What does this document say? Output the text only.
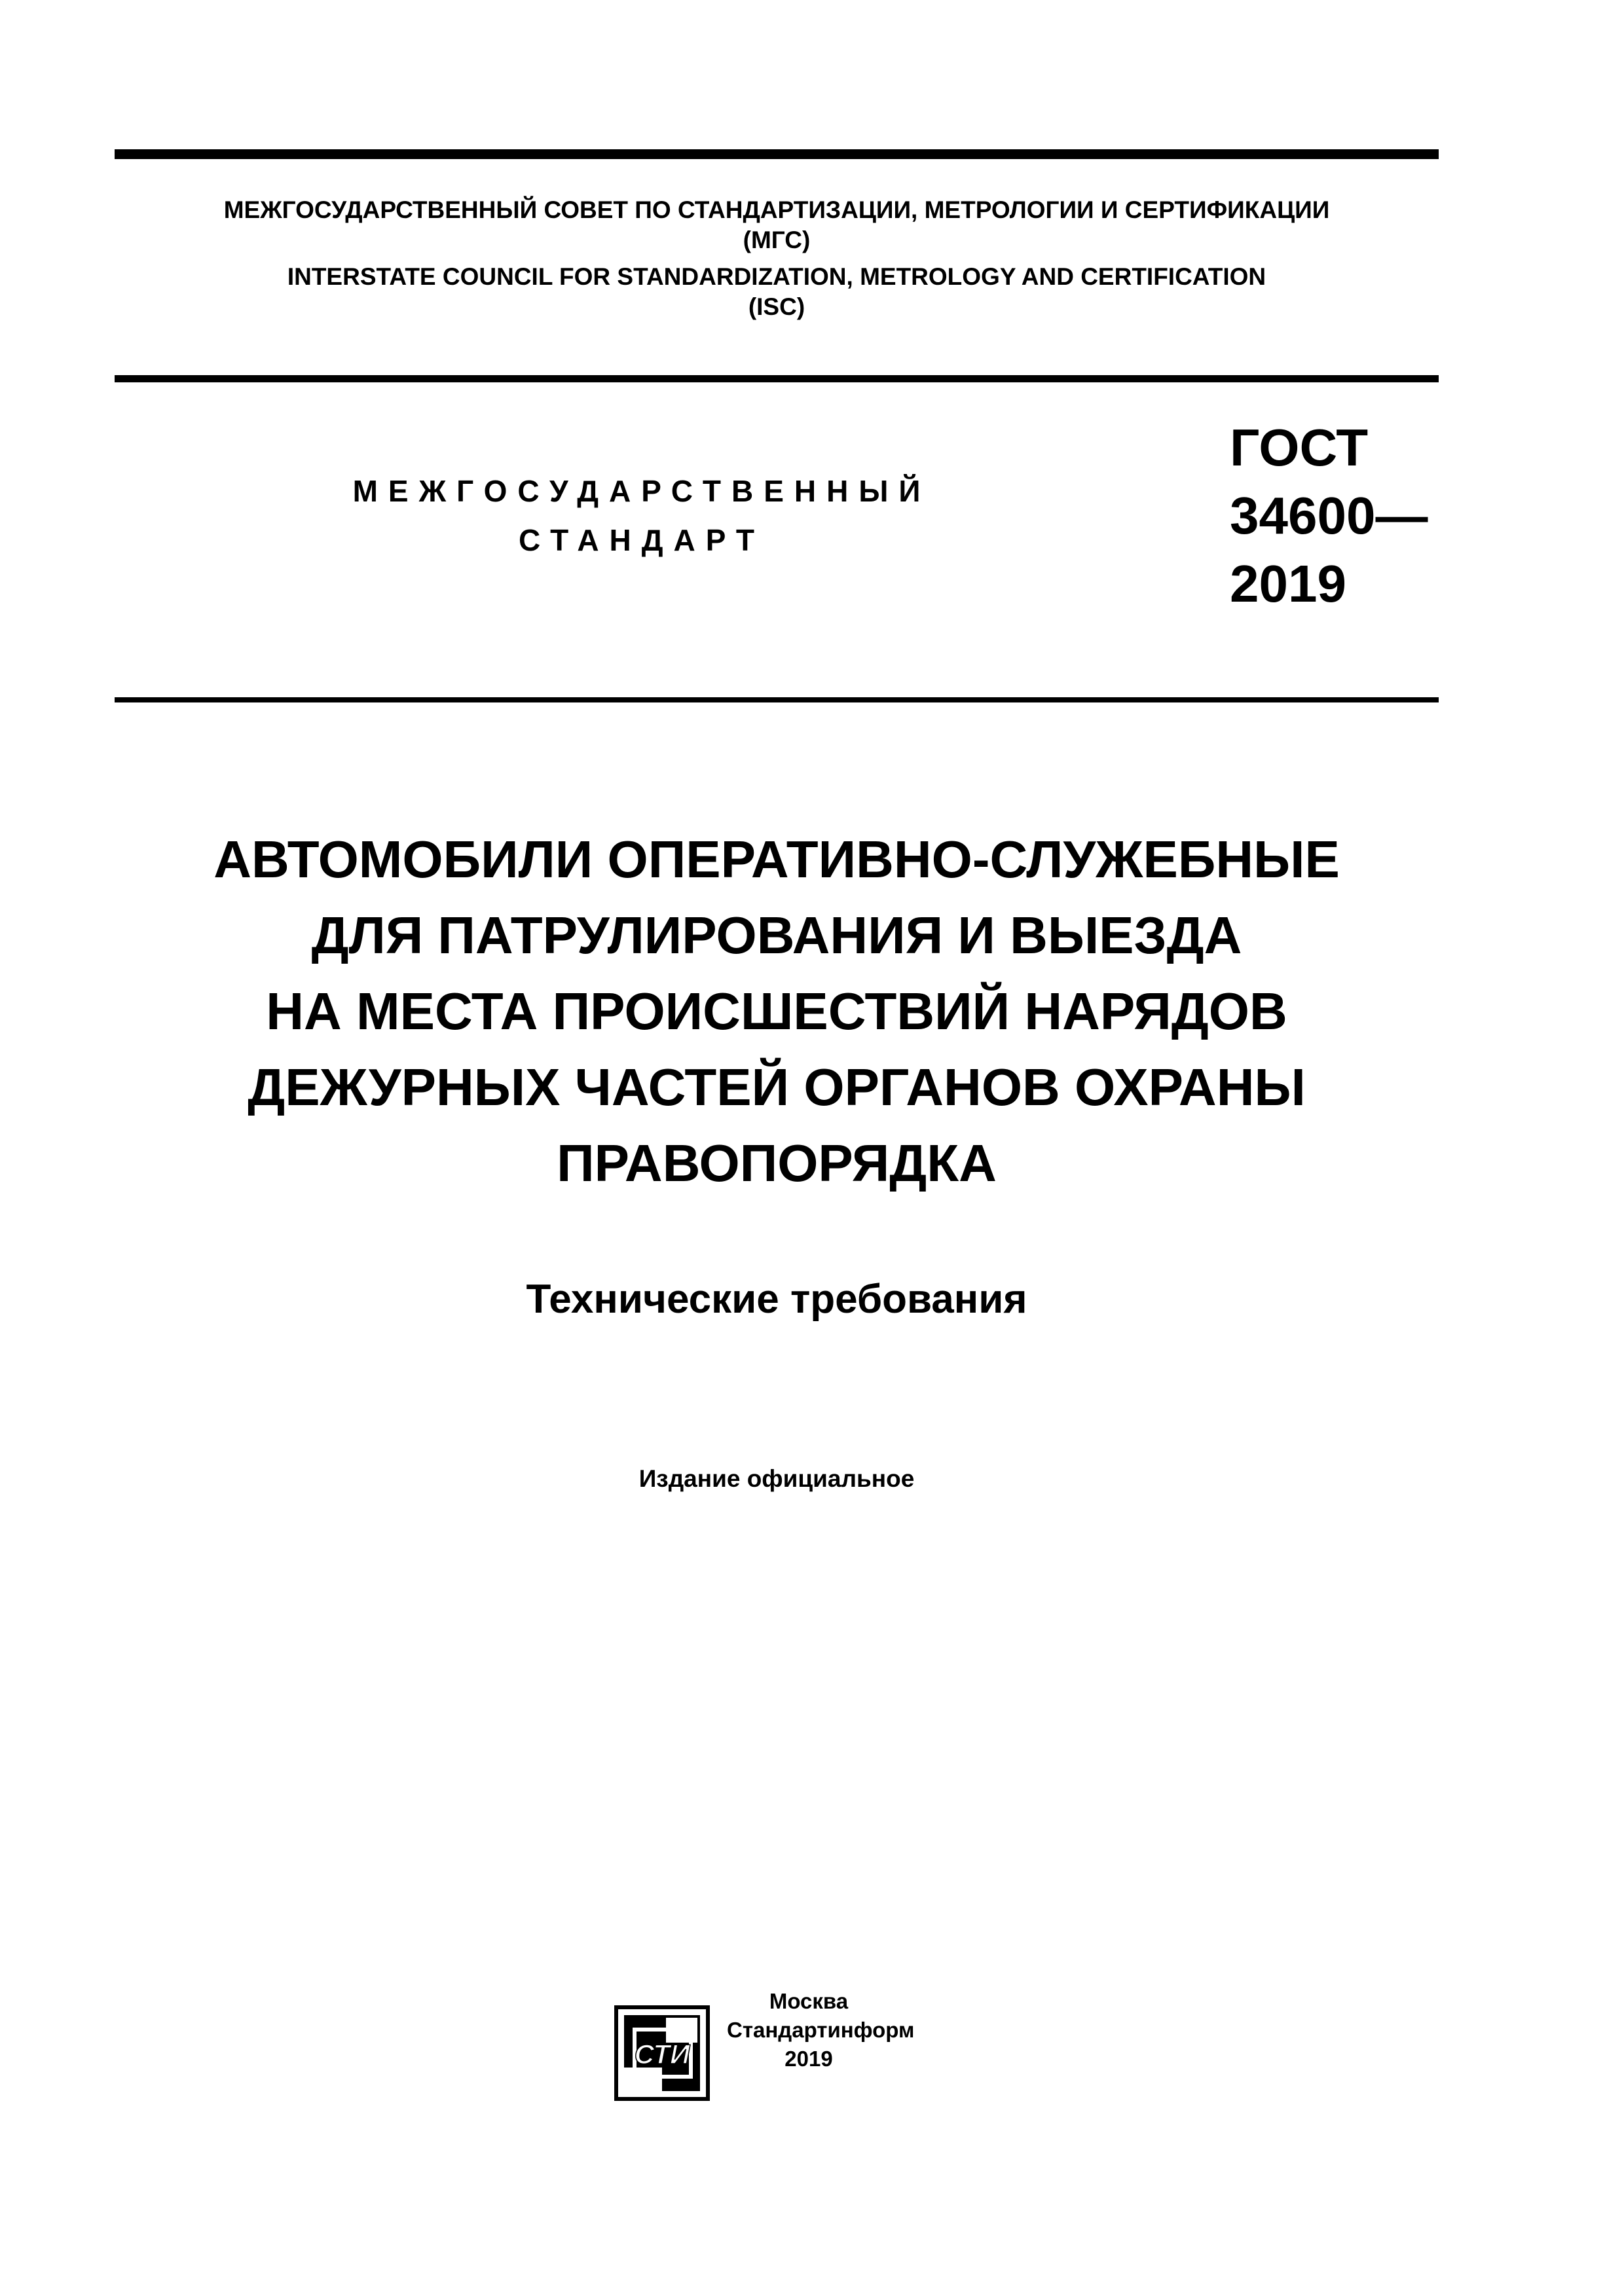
МЕЖГОСУДАРСТВЕННЫЙ СОВЕТ ПО СТАНДАРТИЗАЦИИ, МЕТРОЛОГИИ И СЕРТИФИКАЦИИ
(МГС)
INTERSTATE COUNCIL FOR STANDARDIZATION, METROLOGY AND CERTIFICATION
(ISC)
МЕЖГОСУДАРСТВЕННЫЙ
СТАНДАРТ
ГОСТ
34600—
2019
АВТОМОБИЛИ ОПЕРАТИВНО-СЛУЖЕБНЫЕ
ДЛЯ ПАТРУЛИРОВАНИЯ И ВЫЕЗДА
НА МЕСТА ПРОИСШЕСТВИЙ НАРЯДОВ
ДЕЖУРНЫХ ЧАСТЕЙ ОРГАНОВ ОХРАНЫ
ПРАВОПОРЯДКА
Технические требования
Издание официальное
СТИ
Москва
Стандартинформ
2019
